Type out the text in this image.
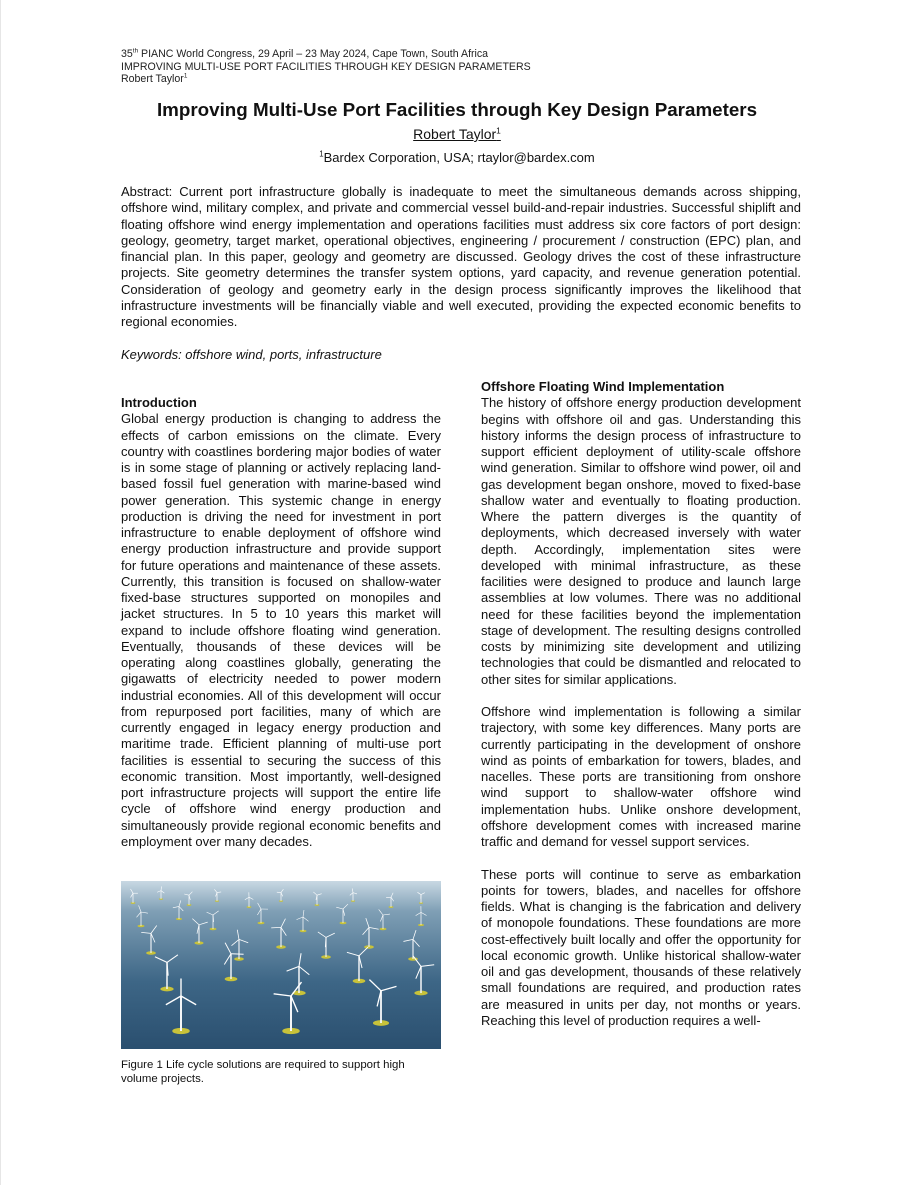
35th PIANC World Congress, 29 April – 23 May 2024, Cape Town, South Africa
IMPROVING MULTI-USE PORT FACILITIES THROUGH KEY DESIGN PARAMETERS
Robert Taylor$^1$
Improving Multi-Use Port Facilities through Key Design Parameters
Robert Taylor$^1$
$^1$Bardex Corporation, USA; rtaylor@bardex.com
Abstract: Current port infrastructure globally is inadequate to meet the simultaneous demands across shipping, offshore wind, military complex, and private and commercial vessel build-and-repair industries. Successful shiplift and floating offshore wind energy implementation and operations facilities must address six core factors of port design: geology, geometry, target market, operational objectives, engineering / procurement / construction (EPC) plan, and financial plan. In this paper, geology and geometry are discussed. Geology drives the cost of these infrastructure projects. Site geometry determines the transfer system options, yard capacity, and revenue generation potential. Consideration of geology and geometry early in the design process significantly improves the likelihood that infrastructure investments will be financially viable and well executed, providing the expected economic benefits to regional economies.
Keywords: offshore wind, ports, infrastructure
Introduction

Global energy production is changing to address the effects of carbon emissions on the climate. Every country with coastlines bordering major bodies of water is in some stage of planning or actively replacing land-based fossil fuel generation with marine-based wind power generation. This systemic change in energy production is driving the need for investment in port infrastructure to enable deployment of offshore wind energy production infrastructure and provide support for future operations and maintenance of these assets. Currently, this transition is focused on shallow-water fixed-base structures supported on monopiles and jacket structures. In 5 to 10 years this market will expand to include offshore floating wind generation. Eventually, thousands of these devices will be operating along coastlines globally, generating the gigawatts of electricity needed to power modern industrial economies. All of this development will occur from repurposed port facilities, many of which are currently engaged in legacy energy production and maritime trade. Efficient planning of multi-use port facilities is essential to securing the success of this economic transition. Most importantly, well-designed port infrastructure projects will support the entire life cycle of offshore wind energy production and simultaneously provide regional economic benefits and employment over many decades.

Figure 1 Life cycle solutions are required to support high volume projects.
Offshore Floating Wind Implementation

The history of offshore energy production development begins with offshore oil and gas. Understanding this history informs the design process of infrastructure to support efficient deployment of utility-scale offshore wind generation. Similar to offshore wind power, oil and gas development began onshore, moved to fixed-base shallow water and eventually to floating production. Where the pattern diverges is the quantity of deployments, which decreased inversely with water depth. Accordingly, implementation sites were developed with minimal infrastructure, as these facilities were designed to produce and launch large assemblies at low volumes. There was no additional need for these facilities beyond the implementation stage of development. The resulting designs controlled costs by minimizing site development and utilizing technologies that could be dismantled and relocated to other sites for similar applications.

Offshore wind implementation is following a similar trajectory, with some key differences. Many ports are currently participating in the development of onshore wind as points of embarkation for towers, blades, and nacelles. These ports are transitioning from onshore wind support to shallow-water offshore wind implementation hubs. Unlike onshore development, offshore development comes with increased marine traffic and demand for vessel support services.

These ports will continue to serve as embarkation points for towers, blades, and nacelles for offshore fields. What is changing is the fabrication and delivery of monopole foundations. These foundations are more cost-effectively built locally and offer the opportunity for local economic growth. Unlike historical shallow-water oil and gas development, thousands of these relatively small foundations are required, and production rates are measured in units per day, not months or years. Reaching this level of production requires a well-
